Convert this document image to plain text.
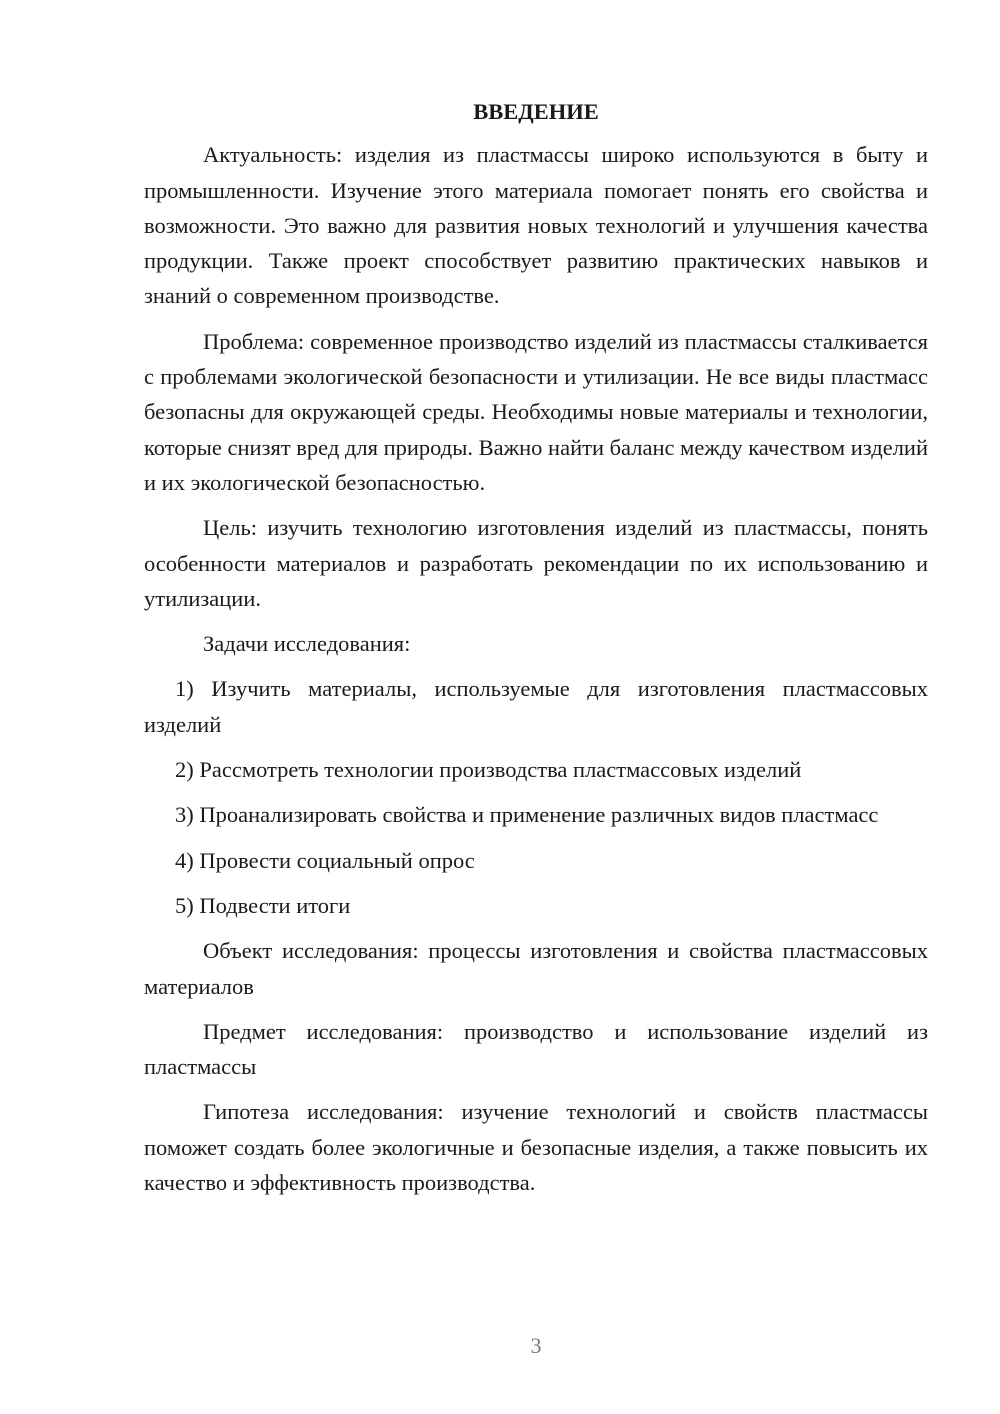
ВВЕДЕНИЕ

Актуальность: изделия из пластмассы широко используются в быту и промышленности. Изучение этого материала помогает понять его свойства и возможности. Это важно для развития новых технологий и улучшения качества продукции. Также проект способствует развитию практических навыков и знаний о современном производстве.

Проблема: современное производство изделий из пластмассы сталкивается с проблемами экологической безопасности и утилизации. Не все виды пластмасс безопасны для окружающей среды. Необходимы новые материалы и технологии, которые снизят вред для природы. Важно найти баланс между качеством изделий и их экологической безопасностью.

Цель: изучить технологию изготовления изделий из пластмассы, понять особенности материалов и разработать рекомендации по их использованию и утилизации.

Задачи исследования:

1) Изучить материалы, используемые для изготовления пластмассовых изделий

2) Рассмотреть технологии производства пластмассовых изделий

3) Проанализировать свойства и применение различных видов пластмасс

4) Провести социальный опрос

5) Подвести итоги

Объект исследования: процессы изготовления и свойства пластмассовых материалов

Предмет исследования: производство и использование изделий из пластмассы

Гипотеза исследования: изучение технологий и свойств пластмассы поможет создать более экологичные и безопасные изделия, а также повысить их качество и эффективность производства.

3
